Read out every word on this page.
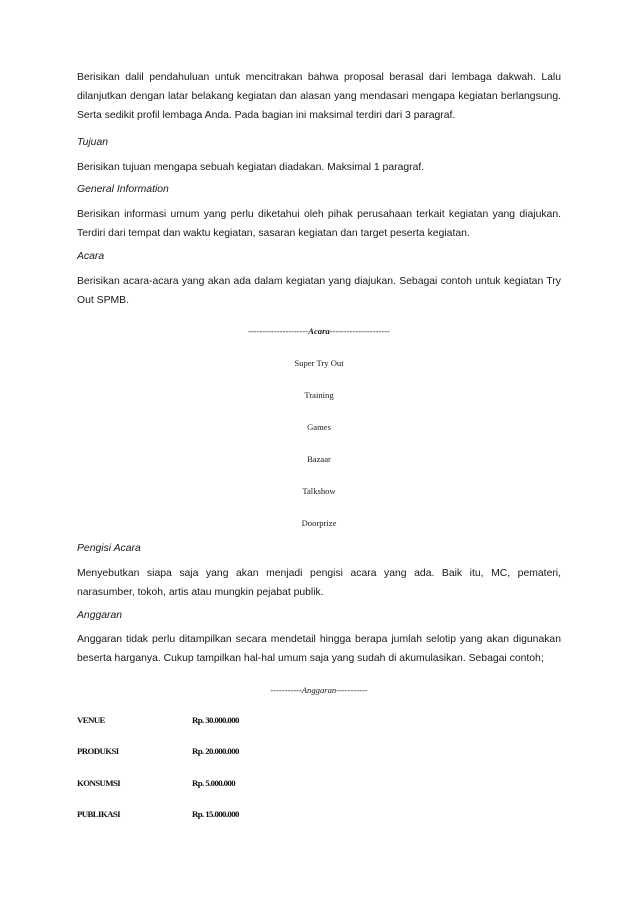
Berisikan dalil pendahuluan untuk mencitrakan bahwa proposal berasal dari lembaga dakwah. Lalu dilanjutkan dengan latar belakang kegiatan dan alasan yang mendasari mengapa kegiatan berlangsung. Serta sedikit profil lembaga Anda. Pada bagian ini maksimal terdiri dari 3 paragraf.

Tujuan

Berisikan tujuan mengapa sebuah kegiatan diadakan. Maksimal 1 paragraf.

General Information

Berisikan informasi umum yang perlu diketahui oleh pihak perusahaan terkait kegiatan yang diajukan. Terdiri dari tempat dan waktu kegiatan, sasaran kegiatan dan target peserta kegiatan.

Acara

Berisikan acara-acara yang akan ada dalam kegiatan yang diajukan. Sebagai contoh untuk kegiatan Try Out SPMB.

---------------------Acara---------------------
Super Try Out
Training
Games
Bazaar
Talkshow
Doorprize

Pengisi Acara

Menyebutkan siapa saja yang akan menjadi pengisi acara yang ada. Baik itu, MC, pemateri, narasumber, tokoh, artis atau mungkin pejabat publik.

Anggaran

Anggaran tidak perlu ditampilkan secara mendetail hingga berapa jumlah selotip yang akan digunakan beserta harganya. Cukup tampilkan hal-hal umum saja yang sudah di akumulasikan. Sebagai contoh;

-----------Anggaran-----------
VENUE	Rp. 30.000.000
PRODUKSI	Rp. 20.000.000
KONSUMSI	Rp. 5.000.000
PUBLIKASI	Rp. 15.000.000
